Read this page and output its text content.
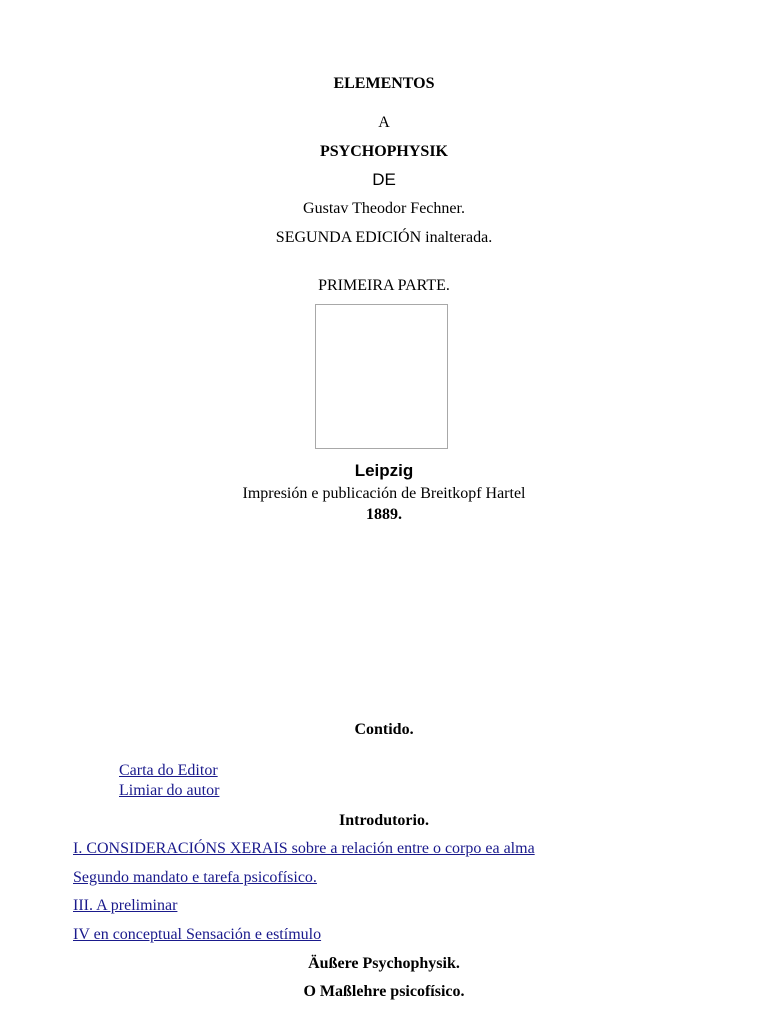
ELEMENTOS
A
PSYCHOPHYSIK
DE
Gustav Theodor Fechner.
SEGUNDA EDICIÓN inalterada.
PRIMEIRA PARTE.
Leipzig
Impresión e publicación de Breitkopf Hartel
1889.
Contido.
Carta do Editor
Limiar do autor
Introdutorio.
I. CONSIDERACIÓNS XERAIS sobre a relación entre o corpo ea alma
Segundo mandato e tarefa psicofísico.
III. A preliminar
IV en conceptual Sensación e estímulo
Äußere Psychophysik.
O Maßlehre psicofísico.
